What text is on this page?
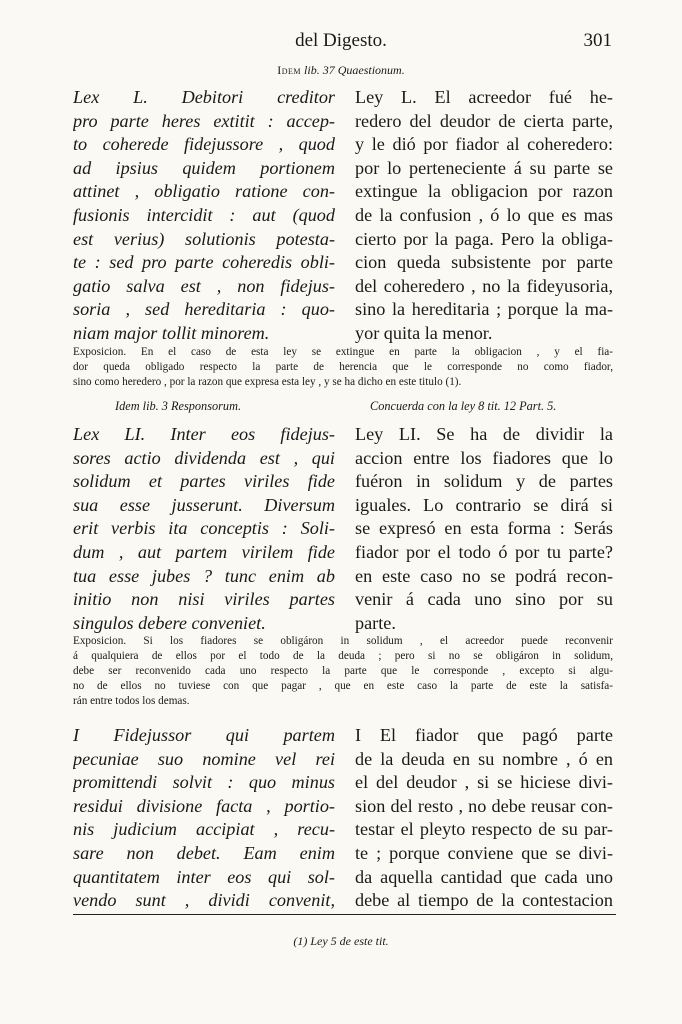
del Digesto.	301
Idem lib. 37 Quaestionum.
Lex L. Debitori creditor
pro parte heres extitit : accep-
to coherede fidejussore , quod
ad ipsius quidem portionem
attinet , obligatio ratione con-
fusionis intercidit : aut (quod
est verius) solutionis potesta-
te : sed pro parte coheredis obli-
gatio salva est , non fidejus-
soria , sed hereditaria : quo-
niam major tollit minorem.
Ley L. El acreedor fué he-
redero del deudor de cierta parte,
y le dió por fiador al coheredero:
por lo perteneciente á su parte se
extingue la obligacion por razon
de la confusion , ó lo que es mas
cierto por la paga. Pero la obliga-
cion queda subsistente por parte
del coheredero , no la fideyusoria,
sino la hereditaria ; porque la ma-
yor quita la menor.
Exposicion. En el caso de esta ley se extingue en parte la obligacion , y el fia-
dor queda obligado respecto la parte de herencia que le corresponde no como fiador,
sino como heredero , por la razon que expresa esta ley , y se ha dicho en este titulo (1).
Idem lib. 3 Responsorum.	Concuerda con la ley 8 tit. 12 Part. 5.
Lex LI. Inter eos fidejus-
sores actio dividenda est , qui
solidum et partes viriles fide
sua esse jusserunt. Diversum
erit verbis ita conceptis : Soli-
dum , aut partem virilem fide
tua esse jubes ? tunc enim ab
initio non nisi viriles partes
singulos debere conveniet.
Ley LI. Se ha de dividir la
accion entre los fiadores que lo
fuéron in solidum y de partes
iguales. Lo contrario se dirá si
se expresó en esta forma : Serás
fiador por el todo ó por tu parte?
en este caso no se podrá recon-
venir á cada uno sino por su
parte.
Exposicion. Si los fiadores se obligáron in solidum , el acreedor puede reconvenir
á qualquiera de ellos por el todo de la deuda ; pero si no se obligáron in solidum,
debe ser reconvenido cada uno respecto la parte que le corresponde , excepto si algu-
no de ellos no tuviese con que pagar , que en este caso la parte de este la satisfa-
rán entre todos los demas.
I Fidejussor qui partem
pecuniae suo nomine vel rei
promittendi solvit : quo minus
residui divisione facta , portio-
nis judicium accipiat , recu-
sare non debet. Eam enim
quantitatem inter eos qui sol-
vendo sunt , dividi convenit,
I El fiador que pagó parte
de la deuda en su nombre , ó en
el del deudor , si se hiciese divi-
sion del resto , no debe reusar con-
testar el pleyto respecto de su par-
te ; porque conviene que se divi-
da aquella cantidad que cada uno
debe al tiempo de la contestacion
(1) Ley 5 de este tit.
